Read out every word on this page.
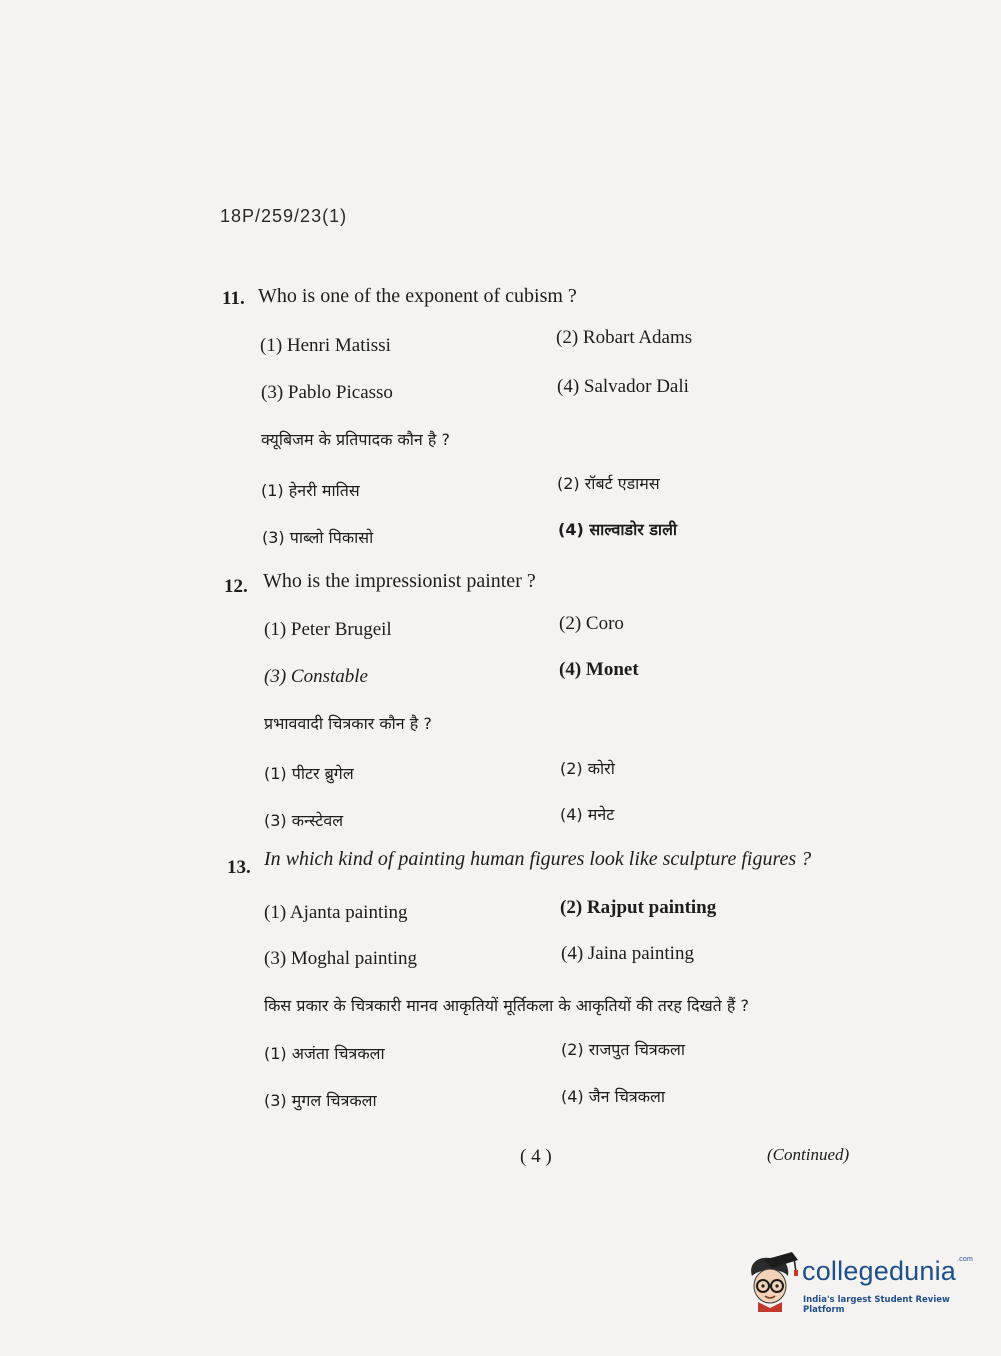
18P/259/23(1)
11. Who is one of the exponent of cubism ?
(1) Henri Matissi	(2) Robart Adams
(3) Pablo Picasso	(4) Salvador Dali
क्यूबिजम के प्रतिपादक कौन है ?
(1) हेनरी मातिस	(2) रॉबर्ट एडामस
(3) पाब्लो पिकासो	(4) साल्वाडोर डाली
12. Who is the impressionist painter ?
(1) Peter Brugeil	(2) Coro
(3) Constable	(4) Monet
प्रभाववादी चित्रकार कौन है ?
(1) पीटर ब्रुगेल	(2) कोरो
(3) कन्स्टेवल	(4) मनेट
13. In which kind of painting human figures look like sculpture figures ?
(1) Ajanta painting	(2) Rajput painting
(3) Moghal painting	(4) Jaina painting
किस प्रकार के चित्रकारी मानव आकृतियों मूर्तिकला के आकृतियों की तरह दिखते हैं ?
(1) अजंता चित्रकला	(2) राजपुत चित्रकला
(3) मुगल चित्रकला	(4) जैन चित्रकला
( 4 )	(Continued)
collegedunia$^{.com}$
India's largest Student Review Platform
